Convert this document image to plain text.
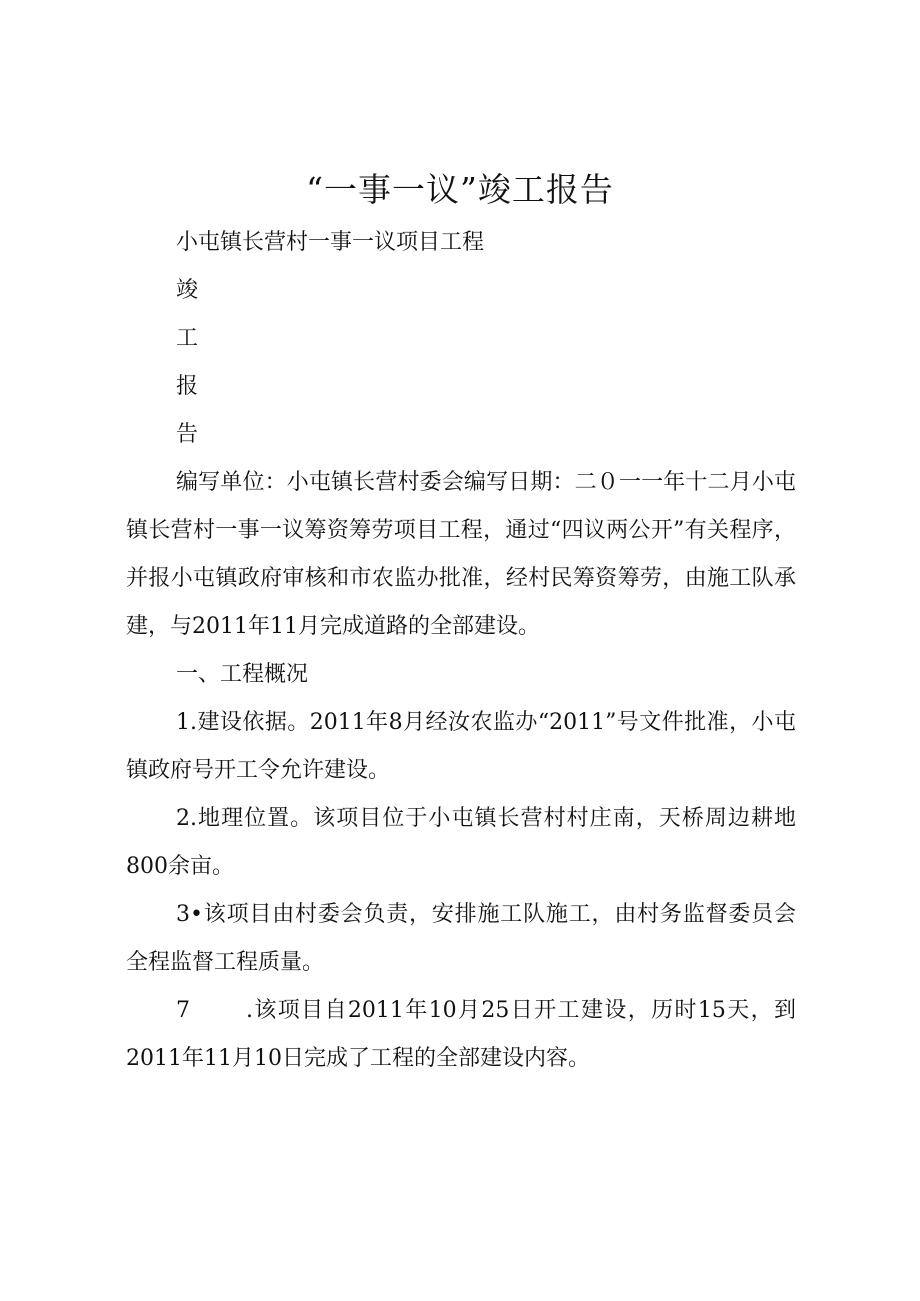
“一事一议”竣工报告
小屯镇长营村一事一议项目工程
竣
工
报
告
编写单位：小屯镇长营村委会编写日期：二０一一年十二月小屯镇长营村一事一议筹资筹劳项目工程，通过“四议两公开”有关程序，并报小屯镇政府审核和市农监办批准，经村民筹资筹劳，由施工队承建，与2011年11月完成道路的全部建设。
一、工程概况
1.建设依据。2011年8月经汝农监办“2011”号文件批准，小屯镇政府号开工令允许建设。
2.地理位置。该项目位于小屯镇长营村村庄南，天桥周边耕地800余亩。
3•该项目由村委会负责，安排施工队施工，由村务监督委员会全程监督工程质量。
7	.该项目自2011年10月25日开工建设，历时15天，到2011年11月10日完成了工程的全部建设内容。
